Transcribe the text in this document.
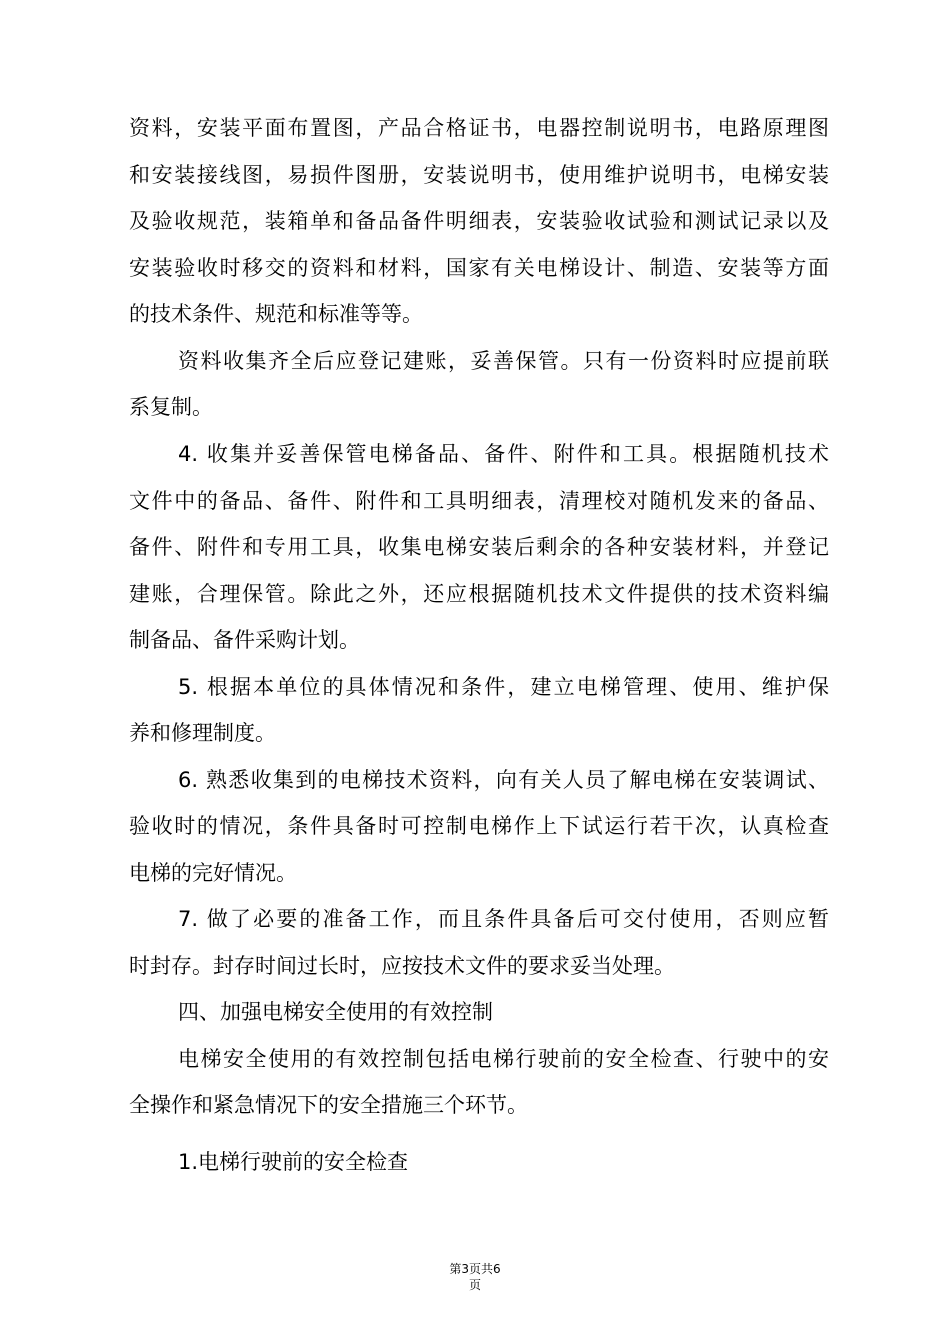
资料，安装平面布置图，产品合格证书，电器控制说明书，电路原理图
和安装接线图，易损件图册，安装说明书，使用维护说明书，电梯安装
及验收规范，装箱单和备品备件明细表，安装验收试验和测试记录以及
安装验收时移交的资料和材料，国家有关电梯设计、制造、安装等方面
的技术条件、规范和标准等等。
资料收集齐全后应登记建账，妥善保管。只有一份资料时应提前联
系复制。
4. 收集并妥善保管电梯备品、备件、附件和工具。根据随机技术
文件中的备品、备件、附件和工具明细表，清理校对随机发来的备品、
备件、附件和专用工具，收集电梯安装后剩余的各种安装材料，并登记
建账，合理保管。除此之外，还应根据随机技术文件提供的技术资料编
制备品、备件采购计划。
5. 根据本单位的具体情况和条件，建立电梯管理、使用、维护保
养和修理制度。
6. 熟悉收集到的电梯技术资料，向有关人员了解电梯在安装调试、
验收时的情况，条件具备时可控制电梯作上下试运行若干次，认真检查
电梯的完好情况。
7. 做了必要的准备工作，而且条件具备后可交付使用，否则应暂
时封存。封存时间过长时，应按技术文件的要求妥当处理。
四、加强电梯安全使用的有效控制
电梯安全使用的有效控制包括电梯行驶前的安全检查、行驶中的安
全操作和紧急情况下的安全措施三个环节。
1.电梯行驶前的安全检查
第3页共6
页
